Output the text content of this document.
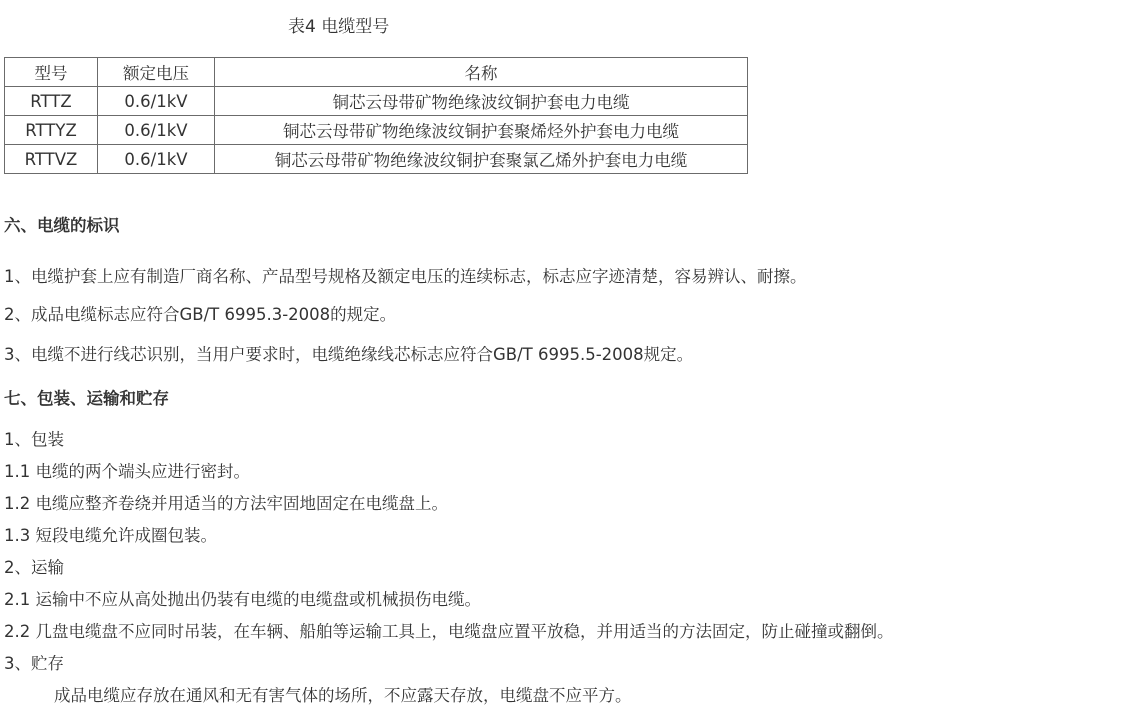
表4 电缆型号
型号	额定电压	名称
RTTZ	0.6/1kV	铜芯云母带矿物绝缘波纹铜护套电力电缆
RTTYZ	0.6/1kV	铜芯云母带矿物绝缘波纹铜护套聚烯烃外护套电力电缆
RTTVZ	0.6/1kV	铜芯云母带矿物绝缘波纹铜护套聚氯乙烯外护套电力电缆
六、电缆的标识
1、电缆护套上应有制造厂商名称、产品型号规格及额定电压的连续标志，标志应字迹清楚，容易辨认、耐擦。
2、成品电缆标志应符合GB/T 6995.3-2008的规定。
3、电缆不进行线芯识别，当用户要求时，电缆绝缘线芯标志应符合GB/T 6995.5-2008规定。
七、包装、运输和贮存
1、包装
1.1 电缆的两个端头应进行密封。
1.2 电缆应整齐卷绕并用适当的方法牢固地固定在电缆盘上。
1.3 短段电缆允许成圈包装。
2、运输
2.1 运输中不应从高处抛出仍装有电缆的电缆盘或机械损伤电缆。
2.2 几盘电缆盘不应同时吊装，在车辆、船舶等运输工具上，电缆盘应置平放稳，并用适当的方法固定，防止碰撞或翻倒。
3、贮存
成品电缆应存放在通风和无有害气体的场所，不应露天存放，电缆盘不应平方。
